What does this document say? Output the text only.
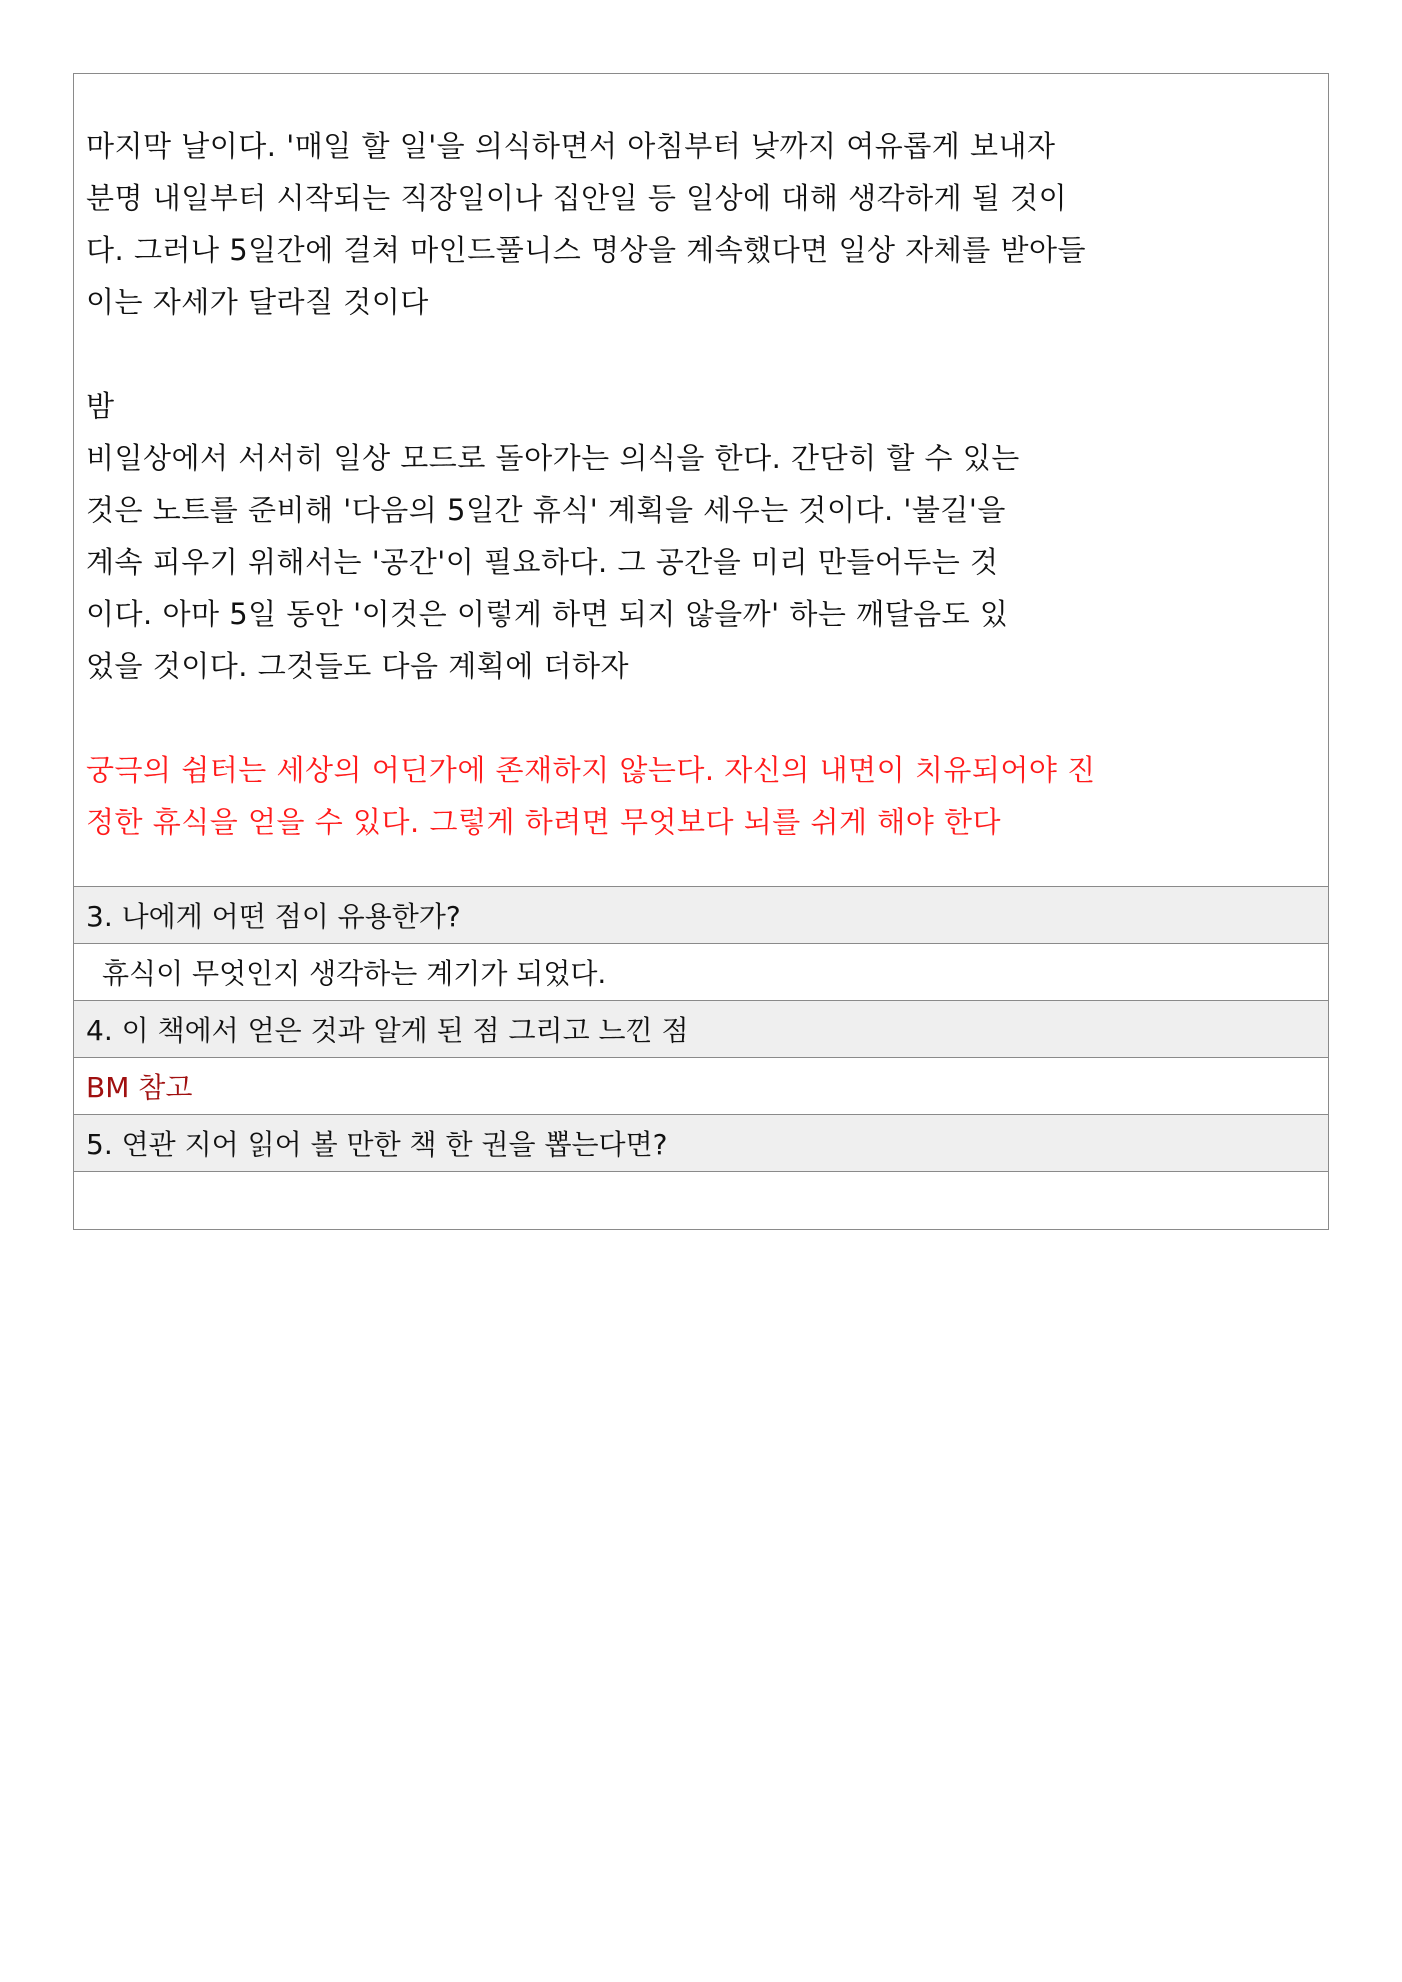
마지막 날이다. '매일 할 일'을 의식하면서 아침부터 낮까지 여유롭게 보내자
분명 내일부터 시작되는 직장일이나 집안일 등 일상에 대해 생각하게 될 것이
다. 그러나 5일간에 걸쳐 마인드풀니스 명상을 계속했다면 일상 자체를 받아들
이는 자세가 달라질 것이다

밤

비일상에서 서서히 일상 모드로 돌아가는 의식을 한다. 간단히 할 수 있는
것은 노트를 준비해 '다음의 5일간 휴식' 계획을 세우는 것이다. '불길'을
계속 피우기 위해서는 '공간'이 필요하다. 그 공간을 미리 만들어두는 것
이다. 아마 5일 동안 '이것은 이렇게 하면 되지 않을까' 하는 깨달음도 있
었을 것이다. 그것들도 다음 계획에 더하자

궁극의 쉼터는 세상의 어딘가에 존재하지 않는다. 자신의 내면이 치유되어야 진
정한 휴식을 얻을 수 있다. 그렇게 하려면 무엇보다 뇌를 쉬게 해야 한다

3. 나에게 어떤 점이 유용한가?
휴식이 무엇인지 생각하는 계기가 되었다.
4. 이 책에서 얻은 것과 알게 된 점 그리고 느낀 점
BM 참고
5. 연관 지어 읽어 볼 만한 책 한 권을 뽑는다면?
